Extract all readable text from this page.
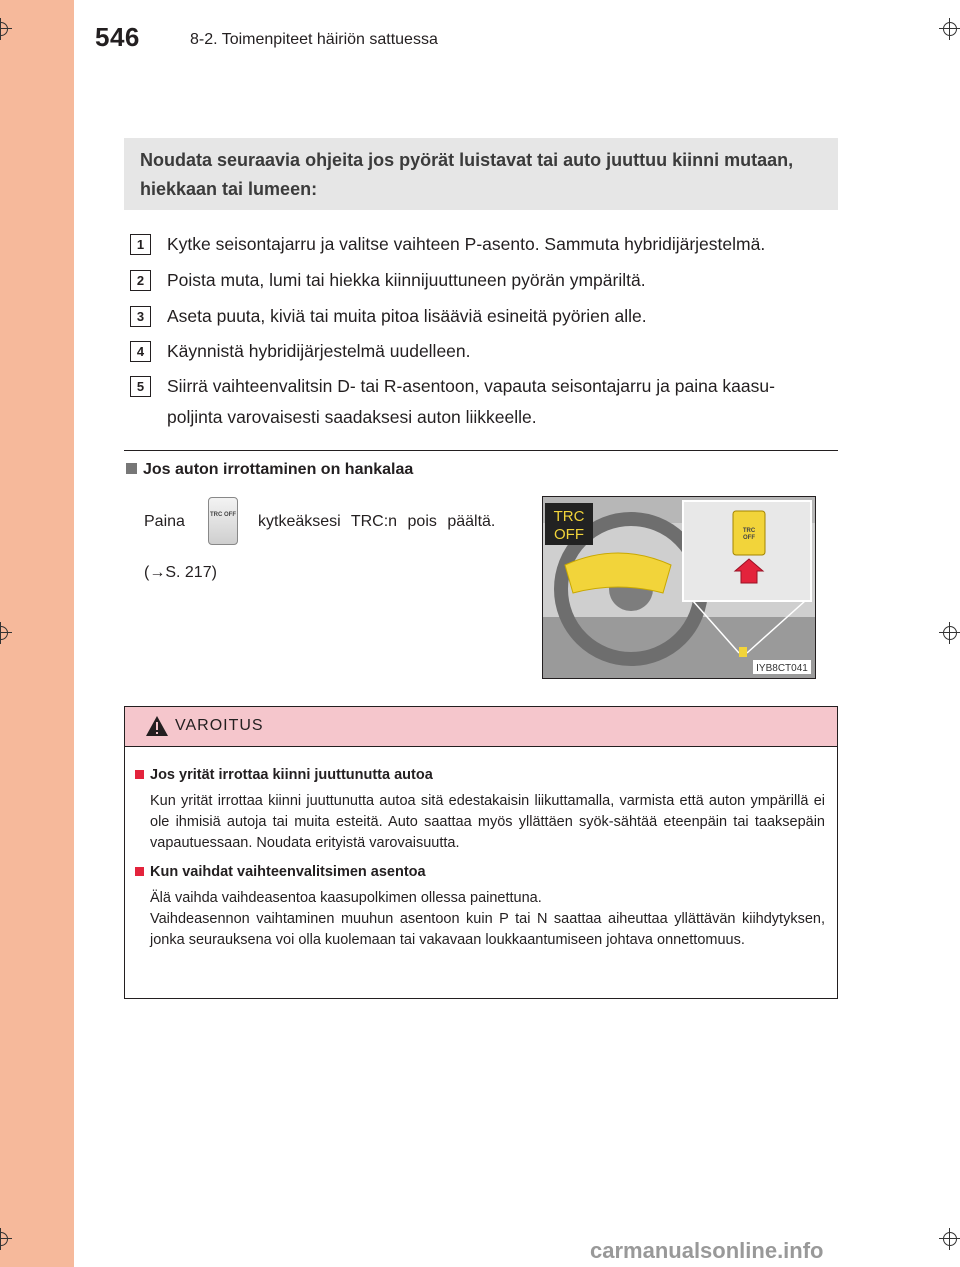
546	8-2. Toimenpiteet häiriön sattuessa
Noudata seuraavia ohjeita jos pyörät luistavat tai auto juuttuu kiinni mutaan, hiekkaan tai lumeen:
1	Kytke seisontajarru ja valitse vaihteen P-asento. Sammuta hybridijärjestelmä.
2	Poista muta, lumi tai hiekka kiinnijuuttuneen pyörän ympäriltä.
3	Aseta puuta, kiviä tai muita pitoa lisääviä esineitä pyörien alle.
4	Käynnistä hybridijärjestelmä uudelleen.
5	Siirrä vaihteenvalitsin D- tai R-asentoon, vapauta seisontajarru ja paina kaasu-poljinta varovaisesti saadaksesi auton liikkeelle.
Jos auton irrottaminen on hankalaa
Paina	TRC OFF kytkeäksesi TRC:n pois päältä.
(→S. 217)
TRC
OFF	TRC
OFF
IYB8CT041
VAROITUS
Jos yrität irrottaa kiinni juuttunutta autoa
Kun yrität irrottaa kiinni juuttunutta autoa sitä edestakaisin liikuttamalla, varmista että auton ympärillä ei ole ihmisiä autoja tai muita esteitä. Auto saattaa myös yllättäen syök-sähtää eteenpäin tai taaksepäin vapautuessaan. Noudata erityistä varovaisuutta.
Kun vaihdat vaihteenvalitsimen asentoa
Älä vaihda vaihdeasentoa kaasupolkimen ollessa painettuna.
Vaihdeasennon vaihtaminen muuhun asentoon kuin P tai N saattaa aiheuttaa yllättävän kiihdytyksen, jonka seurauksena voi olla kuolemaan tai vakavaan loukkaantumiseen johtava onnettomuus.
carmanualsonline.info
